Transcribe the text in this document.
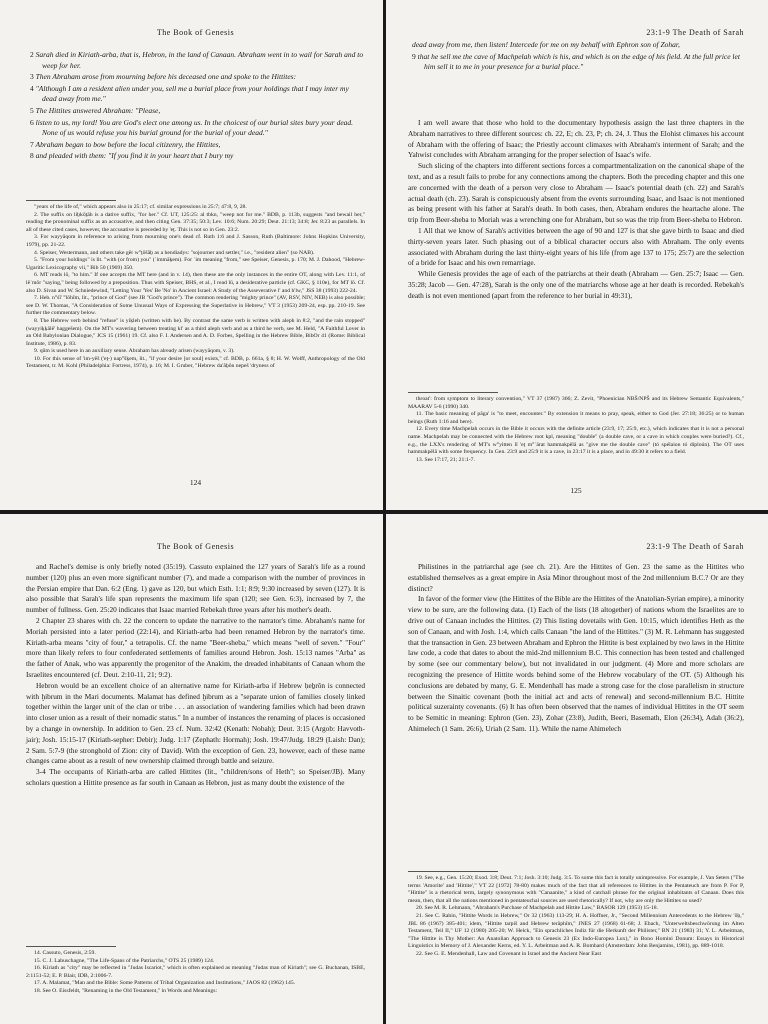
The Book of Genesis

2 Sarah died in Kiriath-arba, that is, Hebron, in the land of Canaan. Abraham went in to wail for Sarah and to weep for her.

3 Then Abraham arose from mourning before his deceased one and spoke to the Hittites:

4 "Although I am a resident alien under you, sell me a burial place from your holdings that I may inter my dead away from me."

5 The Hittites answered Abraham: "Please,

6 listen to us, my lord! You are God's elect one among us. In the choicest of our burial sites bury your dead. None of us would refuse you his burial ground for the burial of your dead."

7 Abraham began to bow before the local citizenry, the Hittites,

8 and pleaded with them: "If you find it in your heart that I bury my

"years of the life of," which appears also in 25:17; cf. similar expressions in 25:7; 47:8, 9, 28.

2. The suffix on liḇkōṯāh is a dative suffix, "for her." Cf. UT, 125:25: al tbkn, "weep not for me." BDB, p. 113b, suggests "and bewail her," reading the pronominal suffix as an accusative, and then citing Gen. 37:35; 50:3; Lev. 10:6; Num. 20:29; Deut. 21:13; 34:8; Jer. 8:23 as parallels. In all of these cited cases, however, the accusative is preceded by 'eṯ. This is not so in Gen. 23:2.

3. For wayyāqom in reference to arising from mourning one's dead cf. Ruth 1:6 and J. Sasson, Ruth (Baltimore: Johns Hopkins University, 1979), pp. 21-22.

4. Speiser, Westermann, and others take gēr w°ṯôšāḇ as a hendiadys: "sojourner and settler," i.e., "resident alien" (so NAB).

5. "From your holdings" is lit. "with (or from) you" (ʿimmāḵem). For ʿim meaning "from," see Speiser, Genesis, p. 170; M. J. Dahood, "Hebrew-Ugaritic Lexicography vii," Bib 50 (1969) 350.

6. MT reads lō, "to him." If one accepts the MT here (and in v. 14), then these are the only instances in the entire OT, along with Lev. 11:1, of lēʾmōr "saying," being followed by a preposition. Thus with Speiser, BHS, et al., I read lū, a desiderative particle (cf. GKC, § 110e), for MT lō. Cf. also D. Sivan and W. Schniedewind, "Letting Your 'Yes' Be 'No' in Ancient Israel: A Study of the Asseverative l' and h'lw," JSS 38 (1993) 222-24.

7. Heb. n°śî' °lōhîm, lit., "prince of God" (see JB "God's prince"). The common rendering "mighty prince" (AV, RSV, NIV, NEB) is also possible; see D. W. Thomas, "A Consideration of Some Unusual Ways of Expressing the Superlative in Hebrew," VT 3 (1953) 209-24, esp. pp. 210-19. See further the commentary below.

8. The Hebrew verb behind "refuse" is yiḵleh (written with he). By contrast the same verb is written with aleph in 8:2, "and the rain stopped" (wayyiḵḵālē' haggešem). On the MT's wavering between treating kl' as a third aleph verb and as a third he verb, see M. Held, "A Faithful Lover in an Old Babylonian Dialogue," JCS 15 (1961) 19. Cf. also F. I. Andersen and A. D. Forbes, Spelling in the Hebrew Bible, BibOr 41 (Rome: Biblical Institute, 1986), p. 83.

9. qûm is used here in an auxiliary sense. Abraham has already arisen (wayyāqom, v. 3).

10. For this sense of 'im-yēš ('eṯ-) nap°šḵem, lit., "if your desire [or soul] exists," cf. BDB, p. 661a, § 8; H. W. Wolff, Anthropology of the Old Testament, tr. M. Kohl (Philadelphia: Fortress, 1974), p. 16; M. I. Gruber, "Hebrew da'ăḇôn nepeš 'dryness of

124
23:1-9 The Death of Sarah

dead away from me, then listen! Intercede for me on my behalf with Ephron son of Zohar,

9 that he sell me the cave of Machpelah which is his, and which is on the edge of his field. At the full price let him sell it to me in your presence for a burial place."

I am well aware that those who hold to the documentary hypothesis assign the last three chapters in the Abraham narratives to three different sources: ch. 22, E; ch. 23, P; ch. 24, J. Thus the Elohist climaxes his account of Abraham with the offering of Isaac; the Priestly account climaxes with Abraham's interment of Sarah; and the Yahwist concludes with Abraham arranging for the proper selection of Isaac's wife.

Such slicing of the chapters into different sections forces a compartmentalization on the canonical shape of the text, and as a result fails to probe for any connections among the chapters. Both the preceding chapter and this one are concerned with the death of a person very close to Abraham — Isaac's potential death (ch. 22) and Sarah's actual death (ch. 23). Sarah is conspicuously absent from the events surrounding Isaac, and Isaac is not mentioned as being present with his father at Sarah's death. In both cases, then, Abraham endures the heartache alone. The trip from Beer-sheba to Moriah was a wrenching one for Abraham, but so was the trip from Beer-sheba to Hebron.

1 All that we know of Sarah's activities between the age of 90 and 127 is that she gave birth to Isaac and died thirty-seven years later. Such phasing out of a biblical character occurs also with Abraham. The only events associated with Abraham during the last thirty-eight years of his life (from age 137 to 175; 25:7) are the selection of a bride for Isaac and his own remarriage.

While Genesis provides the age of each of the patriarchs at their death (Abraham — Gen. 25:7; Isaac — Gen. 35:28; Jacob — Gen. 47:28), Sarah is the only one of the matriarchs whose age at her death is recorded. Rebekah's death is not even mentioned (apart from the reference to her burial in 49:31),

throat': from symptom to literary convention," VT 37 (1987) 366; Z. Zevit, "Phoenician NBŠ/NPŠ and its Hebrew Semantic Equivalents," MAARAV 5-6 (1990) 340.

11. The basic meaning of pāga' is "to meet, encounter." By extension it means to pray, speak, either to God (Jer. 27:18; 36:25) or to human beings (Ruth 1:16 and here).

12. Every time Machpelah occurs in the Bible it occurs with the definite article (23:9, 17; 25:9, etc.), which indicates that it is not a personal name. Machpelah may be connected with the Hebrew root kpl, meaning "double" (a double cave, or a cave in which couples were buried?). Cf., e.g., the LXX's rendering of MT's w°yitten lî 'eṯ m°ʿārat hammakpēlâ as "give me the double cave" (tó spélaion tó diploún). The OT uses hammakpēlâ with some frequency. In Gen. 23:9 and 25:9 it is a cave, in 23:17 it is a place, and in 49:30 it refers to a field.

13. See 17:17, 21; 21:1-7.

125
The Book of Genesis

and Rachel's demise is only briefly noted (35:19). Cassuto explained the 127 years of Sarah's life as a round number (120) plus an even more significant number (7), and made a comparison with the number of provinces in the Persian empire that Dan. 6:2 (Eng. 1) gave as 120, but which Esth. 1:1; 8:9; 9:30 increased by seven (127). It is also possible that Sarah's life span represents the maximum life span (120; see Gen. 6:3), increased by 7, the number of fullness. Gen. 25:20 indicates that Isaac married Rebekah three years after his mother's death.

2 Chapter 23 shares with ch. 22 the concern to update the narrative to the narrator's time. Abraham's name for Moriah persisted into a later period (22:14), and Kiriath-arba had been renamed Hebron by the narrator's time. Kiriath-arba means "city of four," a tetrapolis. Cf. the name "Beer-sheba," which means "well of seven." "Four" more than likely refers to four confederated settlements of families around Hebron. Josh. 15:13 names "Arba" as the father of Anak, who was apparently the progenitor of the Anakim, the dreaded inhabitants of Canaan whom the Israelites encountered (cf. Deut. 2:10-11, 21; 9:2).

Hebron would be an excellent choice of an alternative name for Kiriath-arba if Hebrew ḥeḇrôn is connected with ḫibrum in the Mari documents. Malamat has defined ḫibrum as a "separate union of families closely linked together within the larger unit of the clan or tribe . . . an association of wandering families which had been drawn into closer union as a result of their nomadic status." In a number of instances the renaming of places is occasioned by a change in ownership. In addition to Gen. 23 cf. Num. 32:42 (Kenath: Nobah); Deut. 3:15 (Argob: Havvoth-jair); Josh. 15:15-17 (Kiriath-sepher: Debir); Judg. 1:17 (Zephath: Hormah); Josh. 19:47/Judg. 18:29 (Laish: Dan); 2 Sam. 5:7-9 (the stronghold of Zion: city of David). With the exception of Gen. 23, however, each of these name changes came about as a result of new ownership claimed through battle and seizure.

3-4 The occupants of Kiriath-arba are called Hittites (lit., "children/sons of Heth"; so Speiser/JB). Many scholars question a Hittite presence as far south in Canaan as Hebron, just as many doubt the existence of the

14. Cassuto, Genesis, 2:59.

15. C. J. Labuschagne, "The Life-Spans of the Patriarchs," OTS 25 (1989) 124.

16. Kiriath as "city" may be reflected in "Judas Iscariot," which is often explained as meaning "Judas man of Kiriath"; see G. Buchanan, ISBE, 2:1151-52; E. P. Blair, IDB, 2:1006-7.

17. A. Malamat, "Man and the Bible: Some Patterns of Tribal Organization and Institutions," JAOS 82 (1962) 145.

18. See O. Eissfeldt, "Renaming in the Old Testament," in Words and Meanings:

23:1-9 The Death of Sarah

Philistines in the patriarchal age (see ch. 21). Are the Hittites of Gen. 23 the same as the Hittites who established themselves as a great empire in Asia Minor throughout most of the 2nd millennium B.C.? Or are they distinct?

In favor of the former view (the Hittites of the Bible are the Hittites of the Anatolian-Syrian empire), a minority view to be sure, are the following data. (1) Each of the lists (18 altogether) of nations whom the Israelites are to drive out of Canaan includes the Hittites. (2) This listing dovetails with Gen. 10:15, which identifies Heth as the son of Canaan, and with Josh. 1:4, which calls Canaan "the land of the Hittites." (3) M. R. Lehmann has suggested that the transaction in Gen. 23 between Abraham and Ephron the Hittite is best explained by two laws in the Hittite law code, a code that dates to about the mid-2nd millennium B.C. This connection has been tested and challenged by some (see our commentary below), but not invalidated in our judgment. (4) More and more scholars are recognizing the presence of Hittite words behind some of the Hebrew vocabulary of the OT. (5) Although his conclusions are debated by many, G. E. Mendenhall has made a strong case for the close parallelism in structure between the Sinaitic covenant (both the initial act and acts of renewal) and second-millennium B.C. Hittite political suzerainty covenants. (6) It has often been observed that the names of individual Hittites in the OT seem to be Semitic in meaning: Ephron (Gen. 23), Zohar (23:8), Judith, Beeri, Basemath, Elon (26:34), Adah (36:2), Ahimelech (1 Sam. 26:6), Uriah (2 Sam. 11). While the name Ahimelech

19. See, e.g., Gen. 15:20; Exod. 3:8; Deut. 7:1; Josh. 3:10; Judg. 3:5. To some this fact is totally unimpressive. For example, J. Van Seters ("The terms 'Amorite' and 'Hittite'," VT 22 [1972] 78-80) makes much of the fact that all references to Hittites in the Pentateuch are from P. For P, "Hittite" is a rhetorical term, largely synonymous with "Canaanite," a kind of catchall phrase for the original inhabitants of Canaan. Does this mean, then, that all the nations mentioned in pentateuchal sources are used rhetorically? If not, why are only the Hittites so used?

20. See M. R. Lehmann, "Abraham's Purchase of Machpelah and Hittite Law," BASOR 129 (1953) 15-18.

21. See C. Rabin, "Hittite Words in Hebrew," Or 32 (1963) 113-29; H. A. Hoffner, Jr., "Second Millennium Antecedents to the Hebrew 'ôḇ," JBL 86 (1967) 385-401; idem, "Hittite tarpiš and Hebrew terāphîm," JNES 27 (1968) 61-68; J. Ebach, "Unterweltsbeschwörung im Alten Testament, Teil II," UF 12 (1980) 205-20; W. Helck, "Ein sprachliches Indiz für die Herkunft der Philister," BN 21 (1983) 31; Y. L. Arbeitman, "The Hittite is Thy Mother: An Anatolian Approach to Genesis 23 (Ex Indo-Europea Lux)," in Bono Homini Donum: Essays in Historical Linguistics in Memory of J. Alexander Kerns, ed. Y. L. Arbeitman and A. R. Bomhard (Amsterdam: John Benjamins, 1981), pp. 889-1018.

22. See G. E. Mendenhall, Law and Covenant in Israel and the Ancient Near East
